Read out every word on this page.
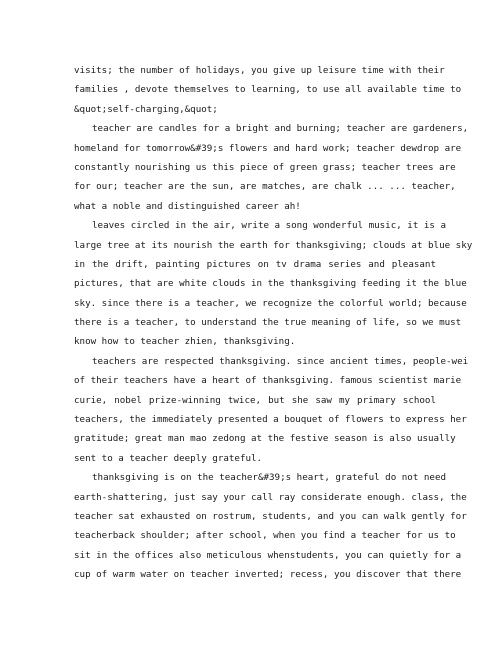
visits; the number of holidays, you give up leisure time with their
families , devote themselves to learning, to use all available time to
&quot;self-charging,&quot;
teacher are candles for a bright and burning; teacher are gardeners,
homeland for tomorrow&#39;s flowers and hard work; teacher dewdrop are
constantly nourishing us this piece of green grass; teacher trees are
for our; teacher are the sun, are matches, are chalk ... ... teacher,
what a noble and distinguished career ah!
leaves circled in the air, write a song wonderful music, it is a
large tree at its nourish the earth for thanksgiving; clouds at blue sky
in the drift, painting pictures on tv drama series and pleasant
pictures, that are white clouds in the thanksgiving feeding it the blue
sky. since there is a teacher, we recognize the colorful world; because
there is a teacher, to understand the true meaning of life, so we must
know how to teacher zhien, thanksgiving.
teachers are respected thanksgiving. since ancient times, people-wei
of their teachers have a heart of thanksgiving. famous scientist marie
curie, nobel prize-winning twice, but she saw my primary school
teachers, the immediately presented a bouquet of flowers to express her
gratitude; great man mao zedong at the festive season is also usually
sent to a teacher deeply grateful.
thanksgiving is on the teacher&#39;s heart, grateful do not need
earth-shattering, just say your call ray considerate enough. class, the
teacher sat exhausted on rostrum, students, and you can walk gently for
teacherback shoulder; after school, when you find a teacher for us to
sit in the offices also meticulous whenstudents, you can quietly for a
cup of warm water on teacher inverted; recess, you discover that there
